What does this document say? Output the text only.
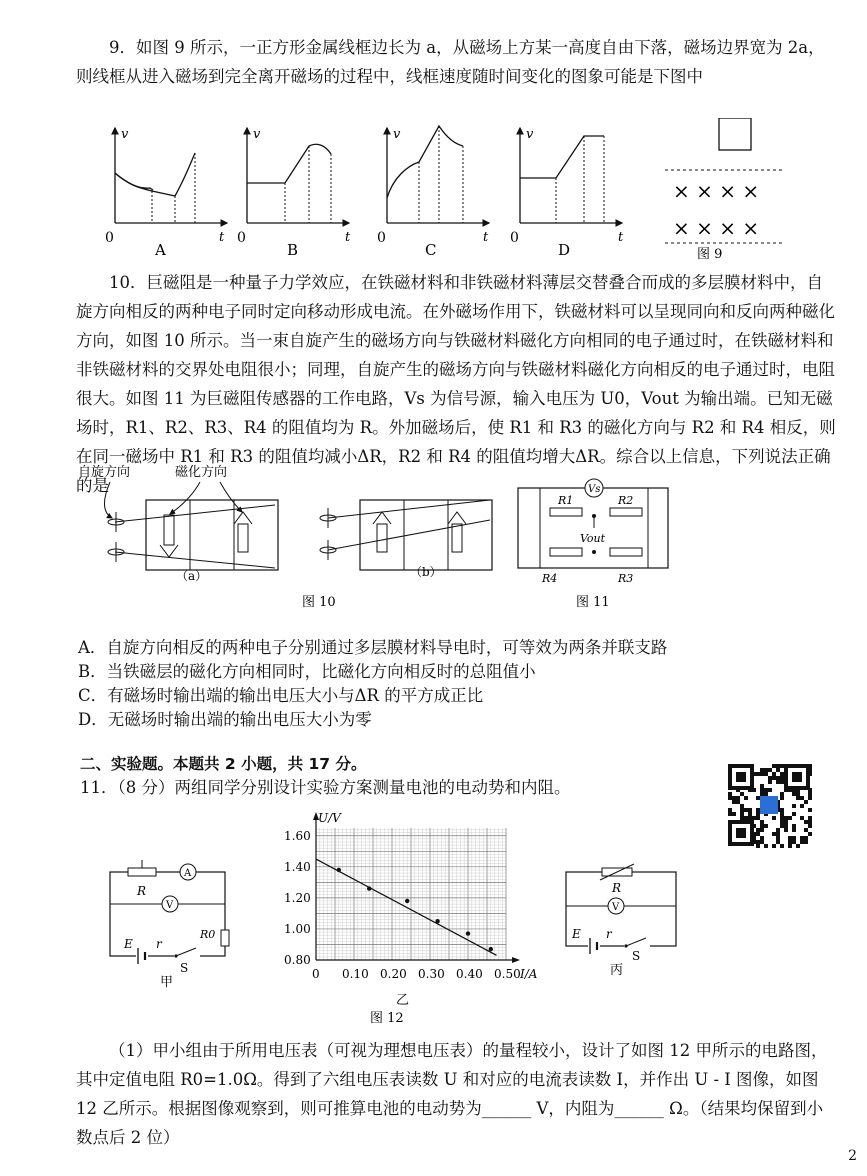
9．如图 9 所示，一正方形金属线框边长为 a，从磁场上方某一高度自由下落，磁场边界宽为 2a，则线框从进入磁场到完全离开磁场的过程中，线框速度随时间变化的图象可能是下图中
v
t
0
A
v
t
0
B
v
t
0
C
v
t
0
D
× × × ×
× × × ×
图 9
10．巨磁阻是一种量子力学效应，在铁磁材料和非铁磁材料薄层交替叠合而成的多层膜材料中，自旋方向相反的两种电子同时定向移动形成电流。在外磁场作用下，铁磁材料可以呈现同向和反向两种磁化方向，如图 10 所示。当一束自旋产生的磁场方向与铁磁材料磁化方向相同的电子通过时，在铁磁材料和非铁磁材料的交界处电阻很小；同理，自旋产生的磁场方向与铁磁材料磁化方向相反的电子通过时，电阻很大。如图 11 为巨磁阻传感器的工作电路，Vs 为信号源，输入电压为 U0，Vout 为输出端。已知无磁场时，R1、R2、R3、R4 的阻值均为 R。外加磁场后，使 R1 和 R3 的磁化方向与 R2 和 R4 相反，则在同一磁场中 R1 和 R3 的阻值均减小ΔR，R2 和 R4 的阻值均增大ΔR。综合以上信息，下列说法正确的是
自旋方向	磁化方向
（a）	（b）
图 10
Vs
R1	R2
R4	R3
Vout
图 11
A．自旋方向相反的两种电子分别通过多层膜材料导电时，可等效为两条并联支路
B．当铁磁层的磁化方向相同时，比磁化方向相反时的总阻值小
C．有磁场时输出端的输出电压大小与ΔR 的平方成正比
D．无磁场时输出端的输出电压大小为零
二、实验题。本题共 2 小题，共 17 分。
11．（8 分）两组同学分别设计实验方案测量电池的电动势和内阻。
A
R
V
R0
E r
S
甲
0 0.10 0.20 0.30 0.40 0.50
0.80
1.00
1.20
1.40
1.60
U/V
I/A
乙
图 12
R
V
E r
S
丙
（1）甲小组由于所用电压表（可视为理想电压表）的量程较小，设计了如图 12 甲所示的电路图，其中定值电阻 R0=1.0Ω。得到了六组电压表读数 U 和对应的电流表读数 I，并作出 U - I 图像，如图 12 乙所示。根据图像观察到，则可推算电池的电动势为______ V，内阻为______ Ω。（结果均保留到小数点后 2 位）
2
